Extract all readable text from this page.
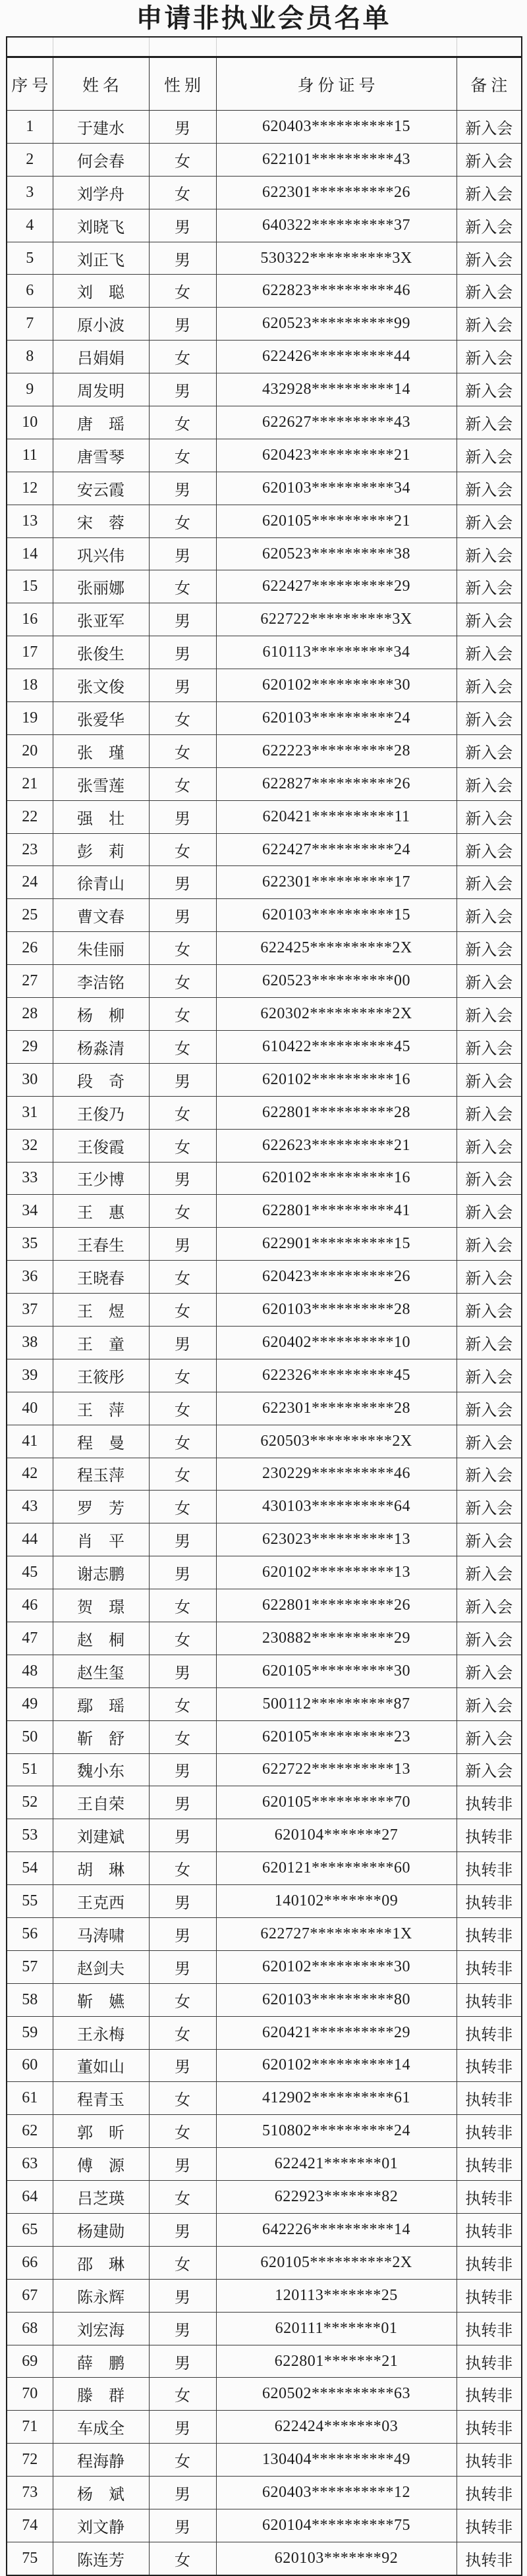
申请非执业会员名单

序号	姓名	性别	身份证号	备注
1	于建水	男	620403**********15	新入会
2	何会春	女	622101**********43	新入会
3	刘学舟	女	622301**********26	新入会
4	刘晓飞	男	640322**********37	新入会
5	刘正飞	男	530322**********3X	新入会
6	刘　聪	女	622823**********46	新入会
7	原小波	男	620523**********99	新入会
8	吕娟娟	女	622426**********44	新入会
9	周发明	男	432928**********14	新入会
10	唐　瑶	女	622627**********43	新入会
11	唐雪琴	女	620423**********21	新入会
12	安云霞	男	620103**********34	新入会
13	宋　蓉	女	620105**********21	新入会
14	巩兴伟	男	620523**********38	新入会
15	张丽娜	女	622427**********29	新入会
16	张亚军	男	622722**********3X	新入会
17	张俊生	男	610113**********34	新入会
18	张文俊	男	620102**********30	新入会
19	张爱华	女	620103**********24	新入会
20	张　瑾	女	622223**********28	新入会
21	张雪莲	女	622827**********26	新入会
22	强　壮	男	620421**********11	新入会
23	彭　莉	女	622427**********24	新入会
24	徐青山	男	622301**********17	新入会
25	曹文春	男	620103**********15	新入会
26	朱佳丽	女	622425**********2X	新入会
27	李洁铭	女	620523**********00	新入会
28	杨　柳	女	620302**********2X	新入会
29	杨淼清	女	610422**********45	新入会
30	段　奇	男	620102**********16	新入会
31	王俊乃	女	622801**********28	新入会
32	王俊霞	女	622623**********21	新入会
33	王少博	男	620102**********16	新入会
34	王　惠	女	622801**********41	新入会
35	王春生	男	622901**********15	新入会
36	王晓春	女	620423**********26	新入会
37	王　煜	女	620103**********28	新入会
38	王　童	男	620402**********10	新入会
39	王筱彤	女	622326**********45	新入会
40	王　萍	女	622301**********28	新入会
41	程　曼	女	620503**********2X	新入会
42	程玉萍	女	230229**********46	新入会
43	罗　芳	女	430103**********64	新入会
44	肖　平	男	623023**********13	新入会
45	谢志鹏	男	620102**********13	新入会
46	贺　璟	女	622801**********26	新入会
47	赵　桐	女	230882**********29	新入会
48	赵生玺	男	620105**********30	新入会
49	鄢　瑶	女	500112**********87	新入会
50	靳　舒	女	620105**********23	新入会
51	魏小东	男	622722**********13	新入会
52	王自荣	男	620105**********70	执转非
53	刘建斌	男	620104*******27	执转非
54	胡　琳	女	620121**********60	执转非
55	王克西	男	140102*******09	执转非
56	马涛啸	男	622727**********1X	执转非
57	赵剑夫	男	620102**********30	执转非
58	靳　嬿	女	620103**********80	执转非
59	王永梅	女	620421**********29	执转非
60	董如山	男	620102**********14	执转非
61	程青玉	女	412902**********61	执转非
62	郭　昕	女	510802**********24	执转非
63	傅　源	男	622421*******01	执转非
64	吕芝瑛	女	622923*******82	执转非
65	杨建勋	男	642226**********14	执转非
66	邵　琳	女	620105**********2X	执转非
67	陈永辉	男	120113*******25	执转非
68	刘宏海	男	620111*******01	执转非
69	薛　鹏	男	622801*******21	执转非
70	滕　群	女	620502**********63	执转非
71	车成全	男	622424*******03	执转非
72	程海静	女	130404**********49	执转非
73	杨　斌	男	620403**********12	执转非
74	刘文静	男	620104**********75	执转非
75	陈连芳	女	620103*******92	执转非
